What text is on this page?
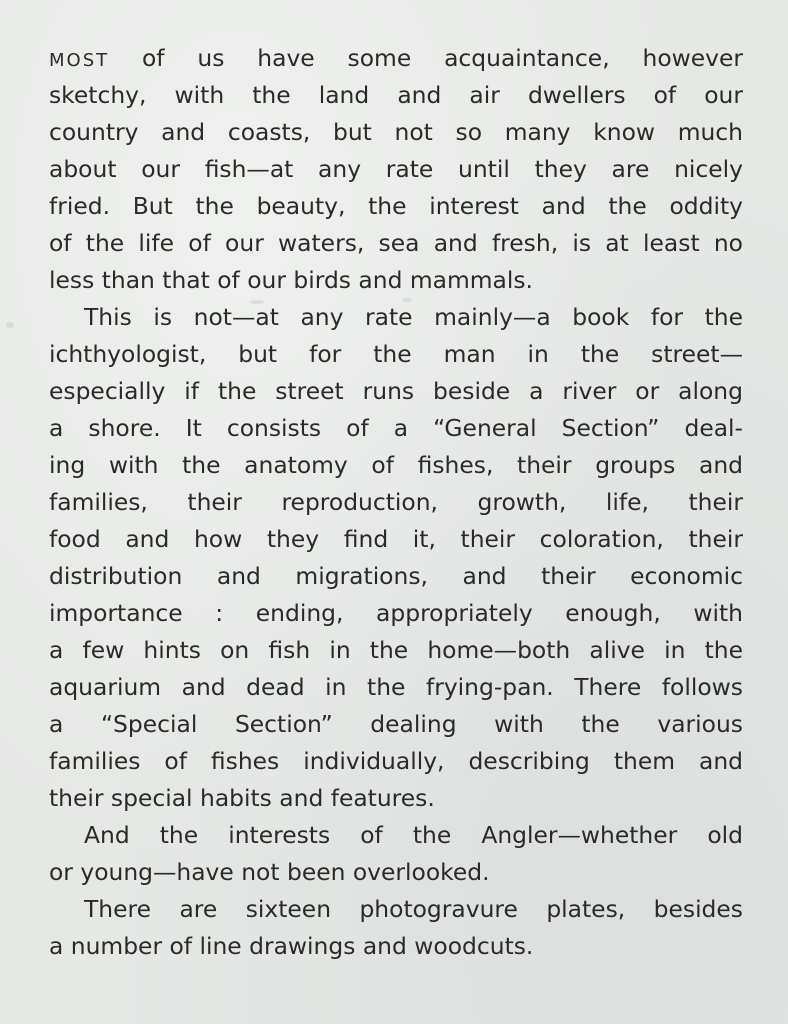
MOST of us have some acquaintance, however
sketchy, with the land and air dwellers of our
country and coasts, but not so many know much
about our fish—at any rate until they are nicely
fried. But the beauty, the interest and the oddity
of the life of our waters, sea and fresh, is at least no
less than that of our birds and mammals.
This is not—at any rate mainly—a book for the
ichthyologist, but for the man in the street—
especially if the street runs beside a river or along
a shore. It consists of a “General Section” deal-
ing with the anatomy of fishes, their groups and
families, their reproduction, growth, life, their
food and how they find it, their coloration, their
distribution and migrations, and their economic
importance : ending, appropriately enough, with
a few hints on fish in the home—both alive in the
aquarium and dead in the frying-pan. There follows
a “Special Section” dealing with the various
families of fishes individually, describing them and
their special habits and features.
And the interests of the Angler—whether old
or young—have not been overlooked.
There are sixteen photogravure plates, besides
a number of line drawings and woodcuts.
